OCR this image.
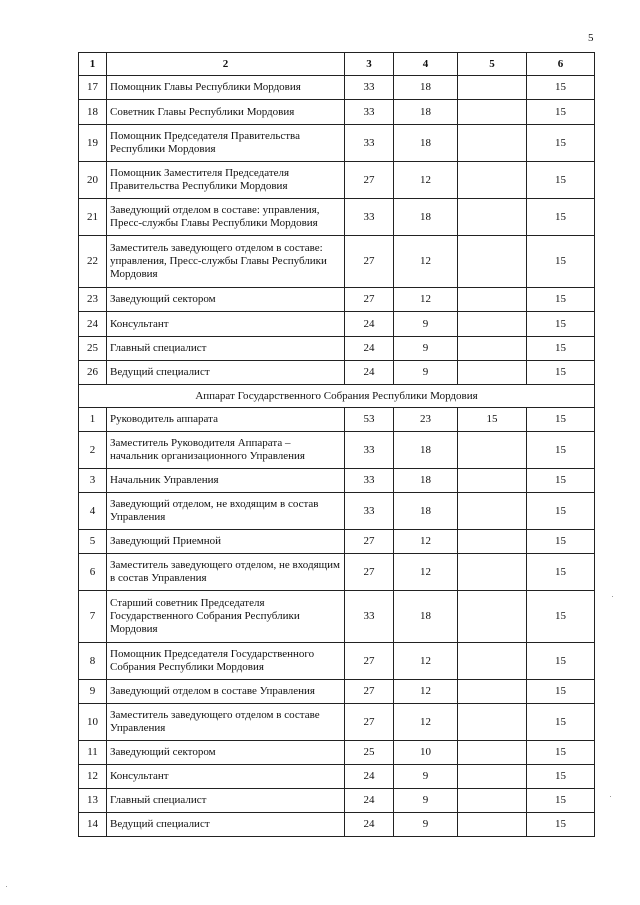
5
1	2	3	4	5	6
17	Помощник Главы Республики Мордовия	33	18		15
18	Советник Главы Республики Мордовия	33	18		15
19	Помощник Председателя Правительства Республики Мордовия	33	18		15
20	Помощник Заместителя Председателя Правительства Республики Мордовия	27	12		15
21	Заведующий отделом в составе: управления, Пресс-службы Главы Республики Мордовия	33	18		15
22	Заместитель заведующего отделом в составе: управления, Пресс-службы Главы Республики Мордовия	27	12		15
23	Заведующий сектором	27	12		15
24	Консультант	24	9		15
25	Главный специалист	24	9		15
26	Ведущий специалист	24	9		15
Аппарат Государственного Собрания Республики Мордовия					
1	Руководитель аппарата	53	23	15	15
2	Заместитель Руководителя Аппарата – начальник организационного Управления	33	18		15
3	Начальник Управления	33	18		15
4	Заведующий отделом, не входящим в состав Управления	33	18		15
5	Заведующий Приемной	27	12		15
6	Заместитель заведующего отделом, не входящим в состав Управления	27	12		15
7	Старший советник Председателя Государственного Собрания Республики Мордовия	33	18		15
8	Помощник Председателя Государственного Собрания Республики Мордовия	27	12		15
9	Заведующий отделом в составе Управления	27	12		15
10	Заместитель заведующего отделом в составе Управления	27	12		15
11	Заведующий сектором	25	10		15
12	Консультант	24	9		15
13	Главный специалист	24	9		15
14	Ведущий специалист	24	9		15
